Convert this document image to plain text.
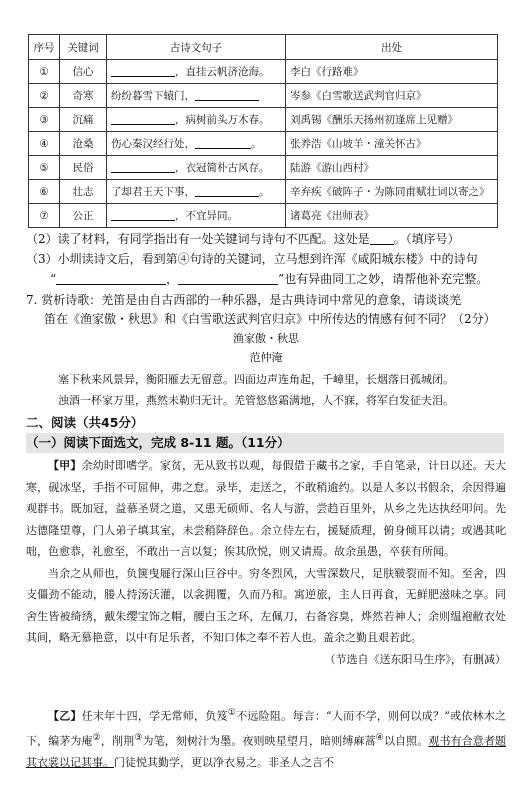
序号	关键词	古诗文句子	出处
①	信心	，直挂云帆济沧海。	李白《行路难》
②	奇寒	纷纷暮雪下辕门，	岑参《白雪歌送武判官归京》
③	沉痛	，病树前头万木春。	刘禹锡《酬乐天扬州初逢席上见赠》
④	沧桑	伤心秦汉经行处， 。	张养浩《山坡羊・潼关怀古》
⑤	民俗	，衣冠简朴古风存。	陆游《游山西村》
⑥	壮志	了却君王天下事， 。	辛弃疾《破阵子・为陈同甫赋壮词以寄之》
⑦	公正	，不宜异同。	诸葛亮《出师表》
（2）读了材料，有同学指出有一处关键词与诗句不匹配。这处是 。（填序号）
（3）小圳读诗文后，看到第④句诗的关键词，立马想到许浑《咸阳城东楼》中的诗句
“	，	”也有异曲同工之妙，请帮他补充完整。
7. 赏析诗歌：羌笛是由自古西部的一种乐器，是古典诗词中常见的意象，请谈谈羌
笛在《渔家傲・秋思》和《白雪歌送武判官归京》中所传达的情感有何不同？（2分）
渔家傲・秋思
范仲淹
塞下秋来风景异，衡阳雁去无留意。四面边声连角起，千嶂里，长烟落日孤城闭。
浊酒一杯家万里，燕然未勒归无计。羌管悠悠霜满地，人不寐，将军白发征夫泪。
二、阅读（共45分）
（一）阅读下面选文，完成 8-11 题。（11分）

【甲】余幼时即嗜学。家贫，无从致书以观，每假借于藏书之家，手自笔录，计日以还。天大寒，砚冰坚，手指不可屈伸，弗之怠。录毕，走送之，不敢稍逾约。以是人多以书假余，余因得遍观群书。既加冠，益慕圣贤之道，又患无硕师、名人与游，尝趋百里外，从乡之先达执经叩问。先达德隆望尊，门人弟子填其室，未尝稍降辞色。余立侍左右，援疑质理，俯身倾耳以请；或遇其叱咄，色愈恭，礼愈至，不敢出一言以复；俟其欣悦，则又请焉。故余虽愚，卒获有所闻。

当余之从师也，负箧曳屣行深山巨谷中。穷冬烈风，大雪深数尺，足肤皲裂而不知。至舍，四支僵劲不能动，媵人持汤沃灌，以衾拥覆，久而乃和。寓逆旅，主人日再食，无鲜肥滋味之享。同舍生皆被绮绣，戴朱缨宝饰之帽，腰白玉之环，左佩刀，右备容臭，烨然若神人；余则缊袍敝衣处其间，略无慕艳意，以中有足乐者，不知口体之奉不若人也。盖余之勤且艰若此。

（节选自《送东阳马生序》，有删减）

【乙】任末年十四，学无常师，负笈①不远险阻。每言：“人而不学，则何以成？”或依林木之下，编茅为庵②，削荆③为笔，刻树汁为墨。夜则映星望月，暗则缚麻蒿④以自照。观书有合意者题其衣裳以记其事。门徒悦其勤学，更以净衣易之。非圣人之言不
